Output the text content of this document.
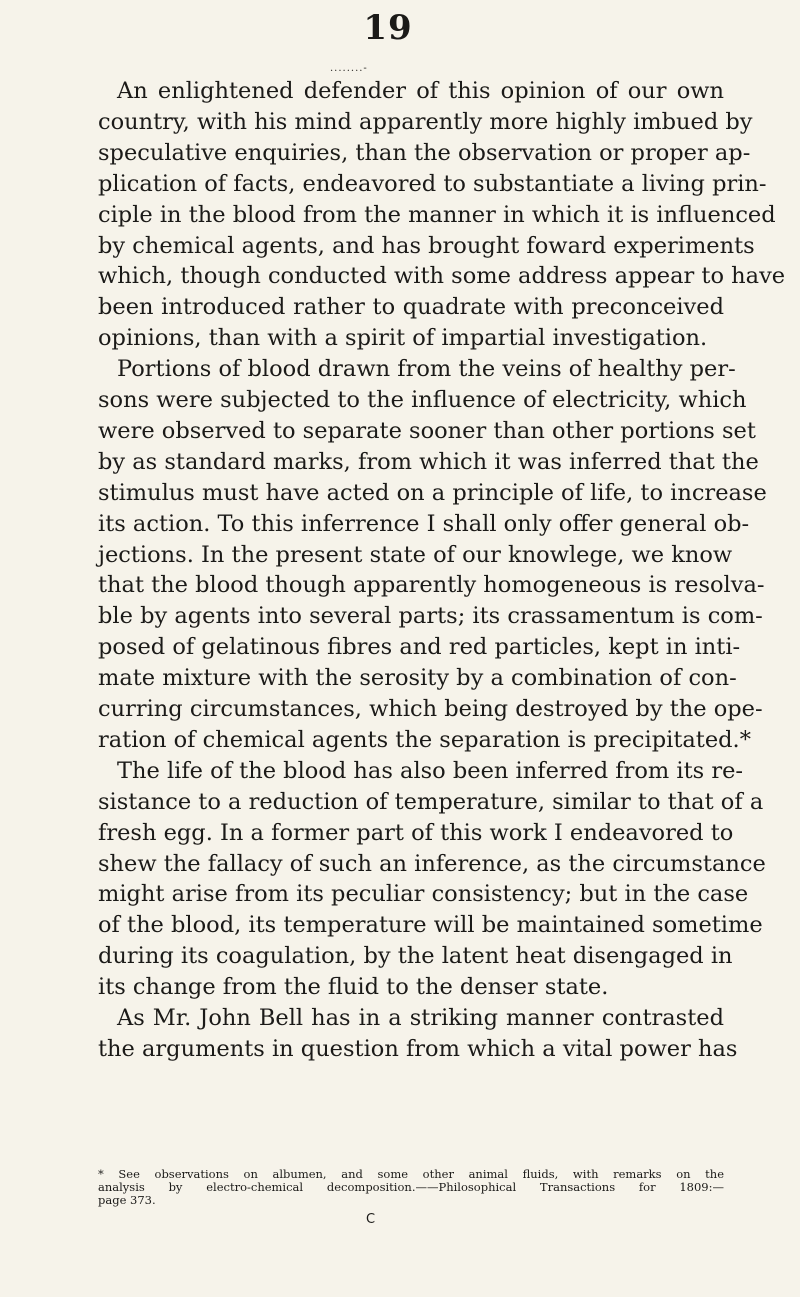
19
........-
An enlightened defender of this opinion of our own
country, with his mind apparently more highly imbued by
speculative enquiries, than the observation or proper ap-
plication of facts, endeavored to substantiate a living prin-
ciple in the blood from the manner in which it is influenced
by chemical agents, and has brought foward experiments
which, though conducted with some address appear to have
been introduced rather to quadrate with preconceived
opinions, than with a spirit of impartial investigation.
Portions of blood drawn from the veins of healthy per-
sons were subjected to the influence of electricity, which
were observed to separate sooner than other portions set
by as standard marks, from which it was inferred that the
stimulus must have acted on a principle of life, to increase
its action. To this inferrence I shall only offer general ob-
jections. In the present state of our knowlege, we know
that the blood though apparently homogeneous is resolva-
ble by agents into several parts; its crassamentum is com-
posed of gelatinous fibres and red particles, kept in inti-
mate mixture with the serosity by a combination of con-
curring circumstances, which being destroyed by the ope-
ration of chemical agents the separation is precipitated.*
The life of the blood has also been inferred from its re-
sistance to a reduction of temperature, similar to that of a
fresh egg. In a former part of this work I endeavored to
shew the fallacy of such an inference, as the circumstance
might arise from its peculiar consistency; but in the case
of the blood, its temperature will be maintained sometime
during its coagulation, by the latent heat disengaged in
its change from the fluid to the denser state.
As Mr. John Bell has in a striking manner contrasted
the arguments in question from which a vital power has
* See observations on albumen, and some other animal fluids, with remarks on the
analysis by electro-chemical decomposition.——Philosophical Transactions for 1809:—
page 373.
C
